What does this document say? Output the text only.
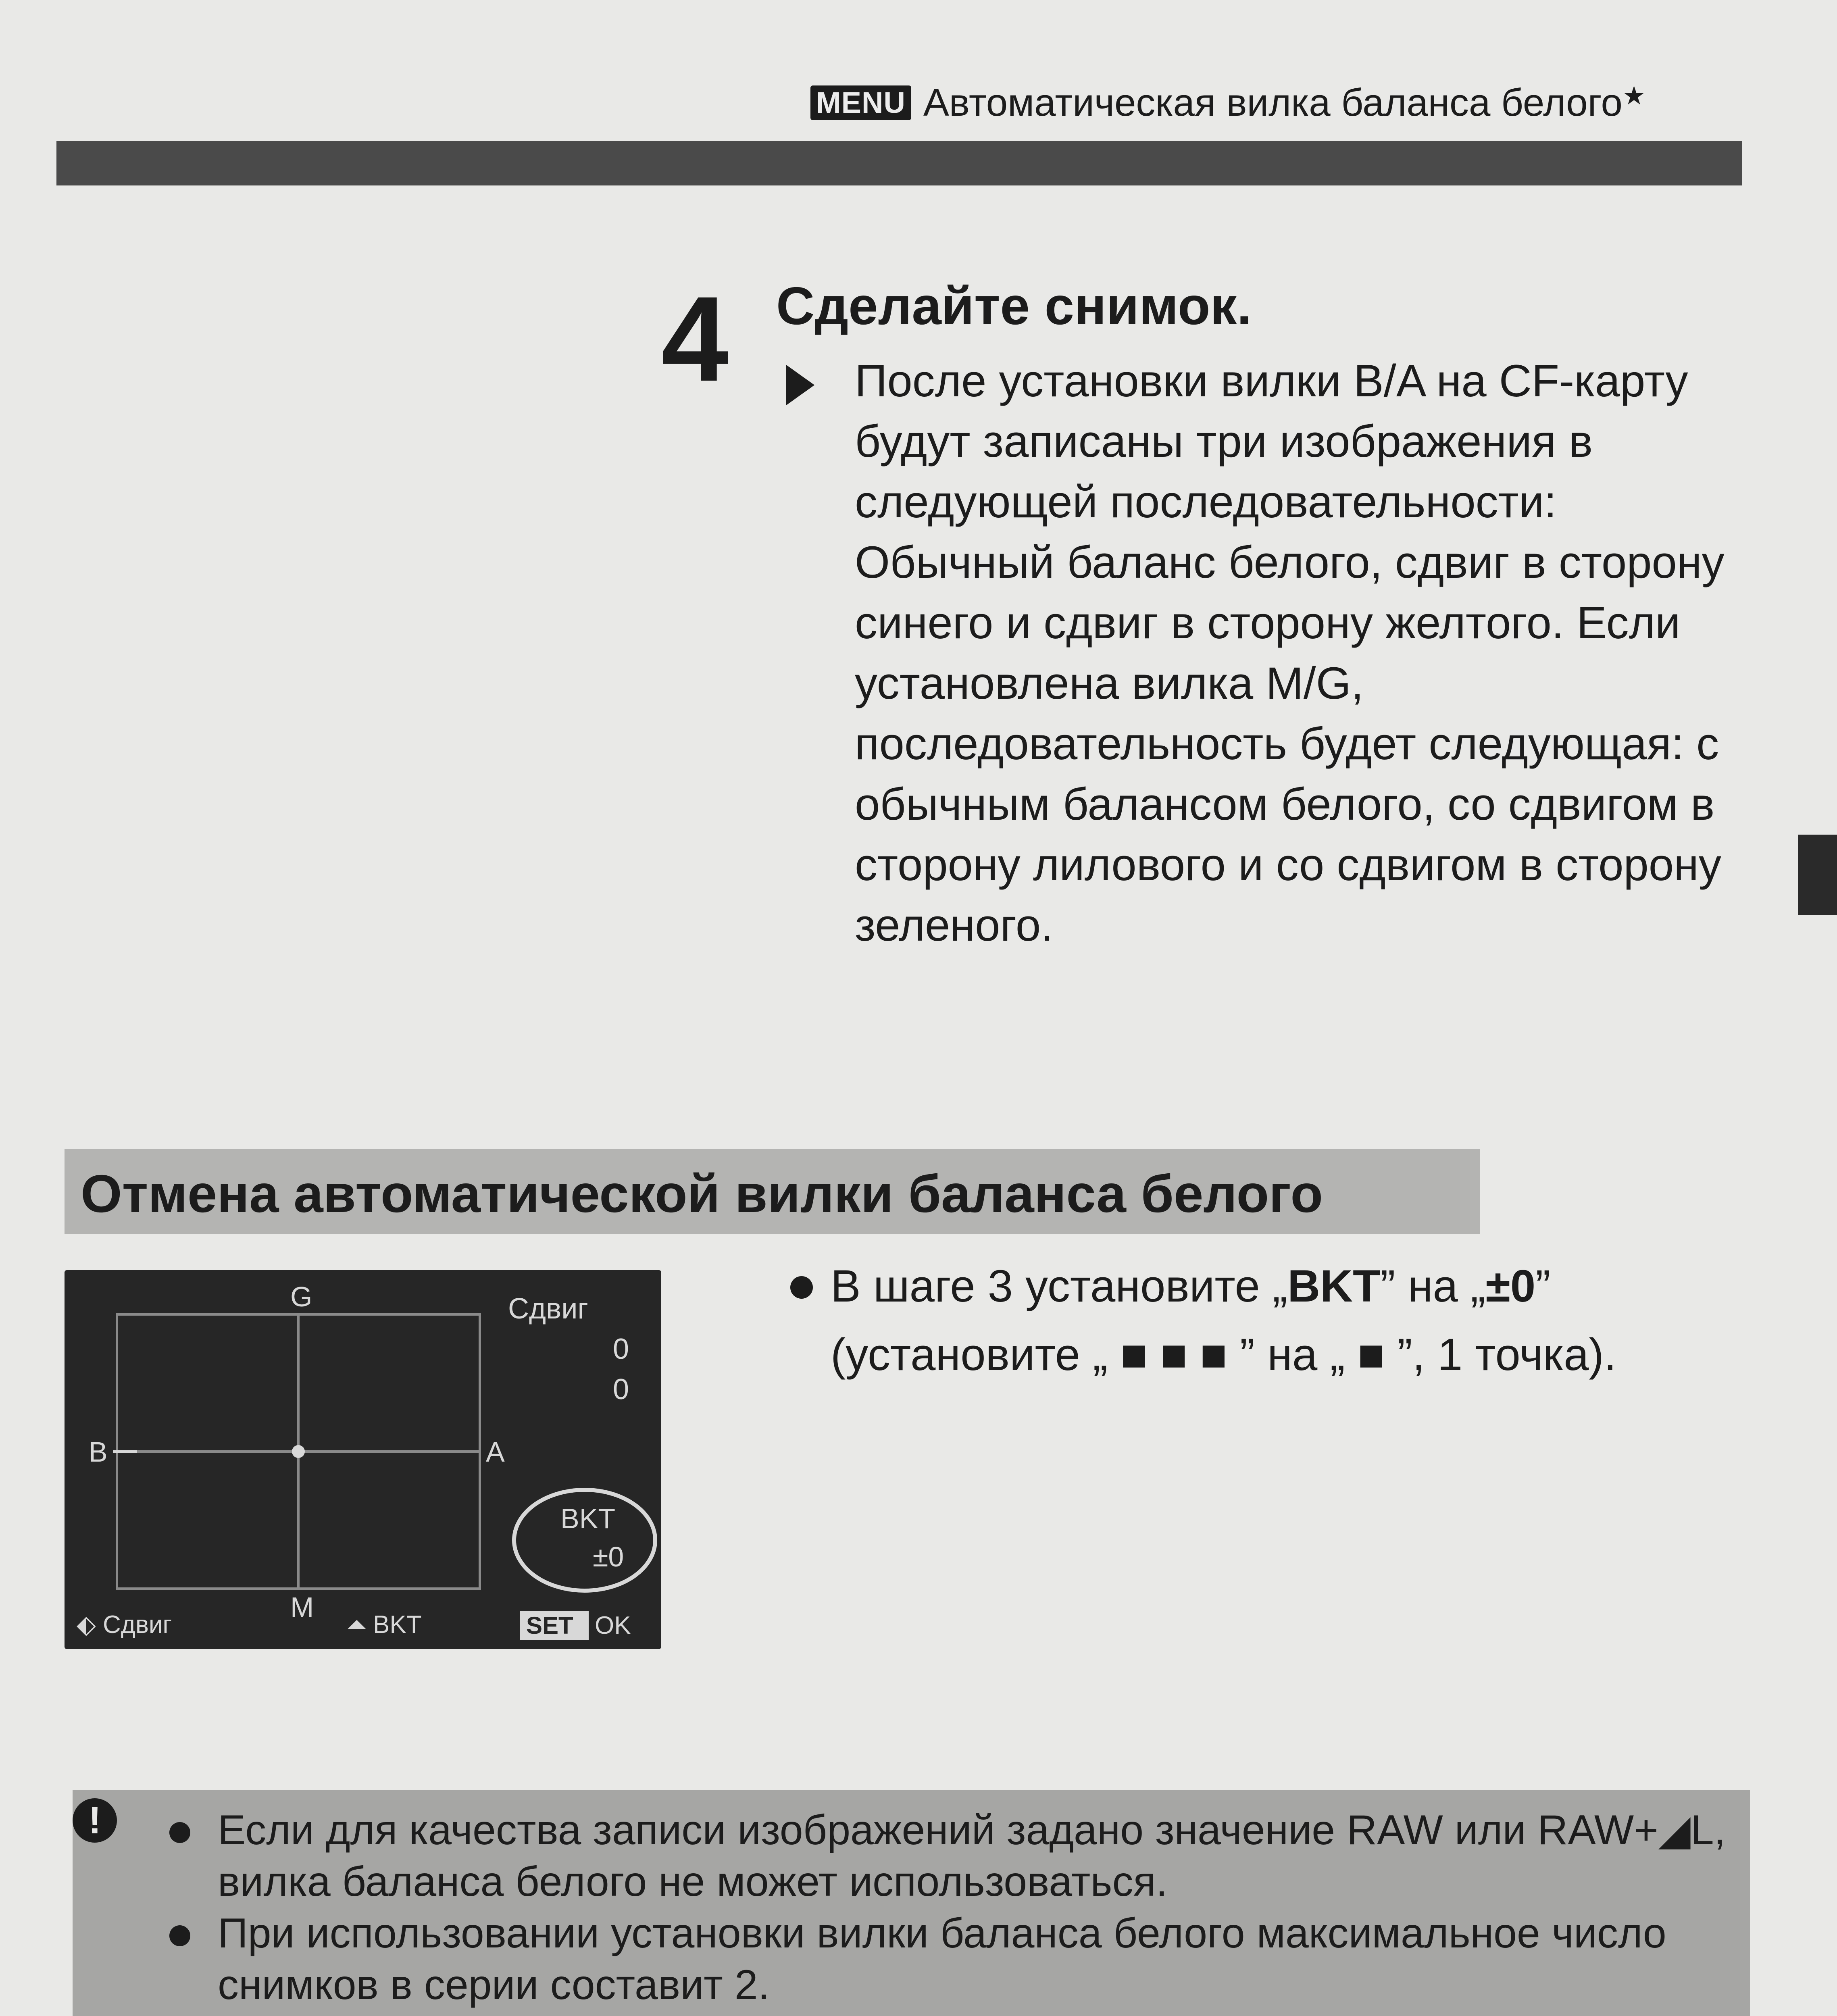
MENU Автоматическая вилка баланса белого★
4 Сделайте снимок.
После установки вилки B/A на CF-карту будут записаны три изображения в следующей последовательности: Обычный баланс белого, сдвиг в сторону синего и сдвиг в сторону желтого. Если установлена вилка M/G, последовательность будет следующая: с обычным балансом белого, со сдвигом в сторону лилового и со сдвигом в сторону зеленого.
Отмена автоматической вилки баланса белого
G
M
B	A
Сдвиг
0
0
BKT
±0
⬖ Сдвиг	⏶ BKT	SET OK
В шаге 3 установите „BKT” на „±0” (установите „ ■ ■ ■ ” на „ ■ ”, 1 точка).
!	Если для качества записи изображений задано значение RAW или RAW+◢L, вилка баланса белого не может использоваться.
При использовании установки вилки баланса белого максимальное число снимков в серии составит 2.
